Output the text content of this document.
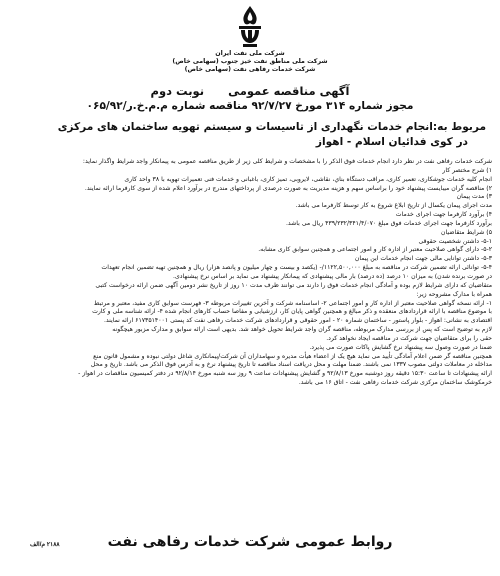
شرکت ملی نفت ایران
شرکت ملی مناطق نفت خیز جنوب (سهامی خاص)
شرکت خدمات رفاهی نفت (سهامی خاص)
آگهی مناقصه عمومی نوبت دوم
مجوز شماره ۳۱۴ مورخ ۹۲/۷/۲۷ مناقصه شماره م.م.خ.ر/۰۶۵/۹۲
مربوط به:انجام خدمات نگهداری از تاسیسات و سیستم تهویه ساختمان های مرکزی
در کوی فدائیان اسلام - اهواز

شرکت خدمات رفاهی نفت در نظر دارد انجام خدمات فوق الذکر را با مشخصات و شرایط کلی زیر از طریق مناقصه عمومی به پیمانکار واجد شرایط واگذار نماید:

۱) شرح مختصر کار

انجام کلیه خدمات جوشکاری، تعمیر کاری، مراقب دستگاه بناي، نقاشی، لایروبی، تمیز کاری، باغبانی و خدمات فنی تعمیرات تهویه با ۳۸ واحد کاری

۲) مناقصه گران میبایست پیشنهاد خود را براساس سهم و هزینه مدیریت به صورت درصدی از پرداختهای مندرج در برآورد اعلام شده از سوی کارفرما ارائه نمایند.

۳) مدت پیمان

مدت اجرای پیمان یکسال از تاریخ ابلاغ شروع به کار توسط کارفرما می باشد.

۴) برآورد کارفرما جهت اجرای خدمات

برآورد کارفرما جهت اجرای خدمات فوق مبلغ ۴۳۹/۲۳۲/۳۴۱/۴/۰۷۰ ریال می باشد.

۵) شرایط متقاضیان

۵-۱- داشتن شخصیت حقوقی

۵-۲- دارای گواهی صلاحیت معتبر از اداره کار و امور اجتماعی و همچنین سوابق کاری مشابه.

۵-۳- داشتن توانایی مالی جهت انجام خدمات این پیمان

۵-۴- توانائی ارائه تضمین شرکت در مناقصه به مبلغ ۱۱۲۲,۵۰۰,۰۰۰/- (یکصد و بیست و چهار میلیون و پانصد هزار) ریال و همچنین تهیه تضمین انجام تعهدات

در صورت برنده شدن) به میزان ۱۰ درصد (ده درصد) بار مالی پیشنهادی که پیمانکار پیشنهاد می نماید بر اساس نرخ پیشنهادی.

متقاضیان که دارای شرایط لازم بوده و آمادگی انجام خدمات فوق را دارند می توانند ظرف مدت ۱۰ روز از تاریخ نشر دومین آگهی ضمن ارائه درخواست کتبی

همراه با مدارک مشروحه زیر:

۱- ارائه نسخه گواهی صلاحیت معتبر از اداره کار و امور اجتماعی ۲- اساسنامه شرکت و آخرین تغییرات مربوطه ۳- فهرست سوابق کاری مفید، معتبر و مرتبط

با موضوع مناقصه با ارائه قراردادهای منعقده و ذکر مبالغ و همچنین گواهی پایان کار، ارزشیابی و مفاصا حساب کارهای انجام شده ۴- ارائه شناسه ملی و کارت

اقتصادی به نشانی: اهواز - بلوار پاستور - ساختمان شماره ۲۰ - امور حقوقی و قراردادهای شرکت خدمات رفاهی نفت کد پستی ۶۱۷۳۵۱۴۰۰۱ ارائه نمایند.

لازم به توضیح است که پس از بررسی مدارک مربوطه، مناقصه گران واجد شرایط تحویل خواهد شد. بدیهی است ارائه سوابق و مدارک مزبور هیچگونه

حقی را برای متقاضیان جهت شرکت در مناقصه ایجاد نخواهد کرد.

ضمنا در صورت وصول سه پیشنهاد نرخ گشایش پاکات صورت می پذیرد.

همچنین مناقصه گر ضمن اعلام آمادگی تأیید می نماید هیچ یک از اعضاء هیأت مدیره و سهامداران آن شرکت/پیمانکاری شاغل دولتی نبوده و مشمول قانون منع

مداخله در معاملات دولتی مصوب ۱۳۳۷ نمی باشند. ضمنا مهلت و محل دریافت اسناد مناقصه تا تاریخ پیشنهاد نرخ و به آدرس فوق الذکر می باشد. تاریخ و محل

ارائه پیشنهادات تا ساعت ۱۵:۳۰ دقیقه روز دوشنبه مورخ ۹۲/۸/۱۳ و گشایش پیشنهادات ساعت ۹ روز سه شنبه مورخ ۹۲/۸/۱۴ در دفتر کمیسیون مناقصات در اهواز -

خرمکوشک ساختمان مرکزی شرکت خدمات رفاهی نفت - اتاق ۱۶ می باشد.

روابط عمومی شرکت خدمات رفاهی نفت
۲۱۸۸ م/الف
